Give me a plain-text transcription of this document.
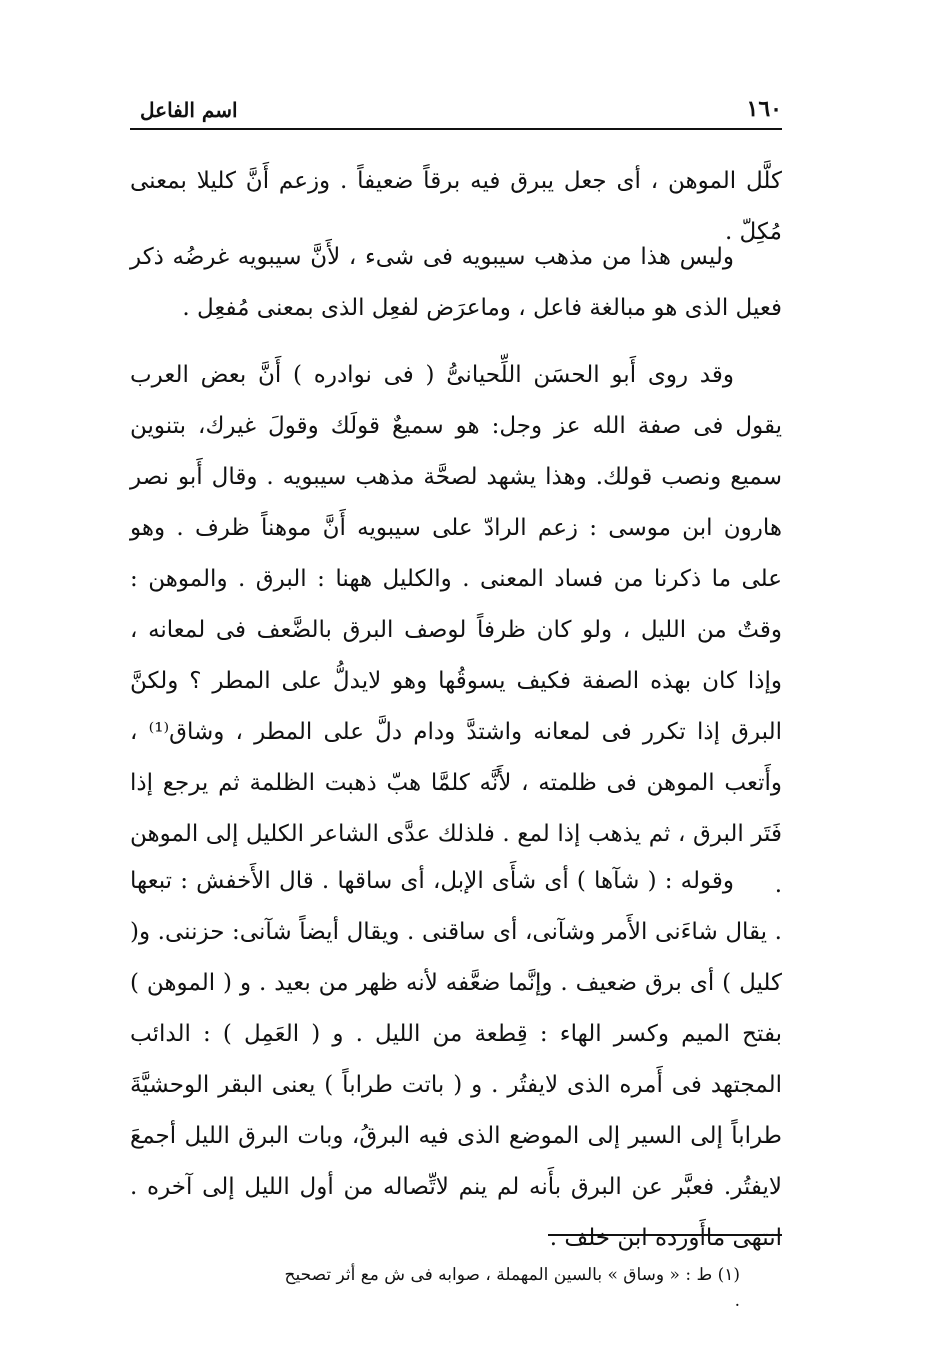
١٦٠
اسم الفاعل

كلَّل الموهن ، أى جعل يبرق فيه برقاً ضعيفاً . وزعم أَنَّ كليلا بمعنى مُكِلّ .

وليس هذا من مذهب سيبويه فى شىء ، لأَنَّ سيبويه غرضُه ذكر فعيل الذى هو مبالغة فاعل ، وماعرَض لفعِل الذى بمعنى مُفعِل .

وقد روى أَبو الحسَن اللِّحيانىُّ ( فى نوادره ) أَنَّ بعض العرب يقول فى صفة الله عز وجل: هو سميعٌ قولَك وقولَ غيرك، بتنوين سميع ونصب قولك. وهذا يشهد لصحَّة مذهب سيبويه . وقال أَبو نصر هارون ابن موسى : زعم الرادّ على سيبويه أَنَّ موهناً ظرف . وهو على ما ذكرنا من فساد المعنى . والكليل ههنا : البرق . والموهن : وقتٌ من الليل ، ولو كان ظرفاً لوصف البرق بالضَّعف فى لمعانه ، وإذا كان بهذه الصفة فكيف يسوقُها وهو لايدلُّ على المطر ؟ ولكنَّ البرق إذا تكرر فى لمعانه واشتدَّ ودام دلَّ على المطر ، وشاق⁽¹⁾ ، وأَتعب الموهن فى ظلمته ، لأَنَّه كلمَّا هبّ ذهبت الظلمة ثم يرجع إذا فَتَر البرق ، ثم يذهب إذا لمع . فلذلك عدَّى الشاعر الكليل إلى الموهن .

وقوله : ( شآها ) أى شأَى الإبل، أى ساقها . قال الأَخفش : تبعها . يقال شاءَنى الأَمر وشآنى، أى ساقنى . ويقال أيضاً شآنى: حزننى. و( كليل ) أى برق ضعيف . وإنَّما ضعَّفه لأنه ظهر من بعيد . و ( الموهن ) بفتح الميم وكسر الهاء : قِطعة من الليل . و ( العَمِل ) : الدائب المجتهد فى أَمره الذى لايفتُر . و ( باتت طراباً ) يعنى البقر الوحشيَّةَ طراباً إلى السير إلى الموضع الذى فيه البرقُ، وبات البرق الليل أجمعَ لايفتُر. فعبَّر عن البرق بأَنه لم ينم لاتِّصاله من أول الليل إلى آخره . انتهى ماأَورده ابن خلف .

(١) ط : « وساق » بالسين المهملة ، صوابه فى ش مع أثر تصحيح .
